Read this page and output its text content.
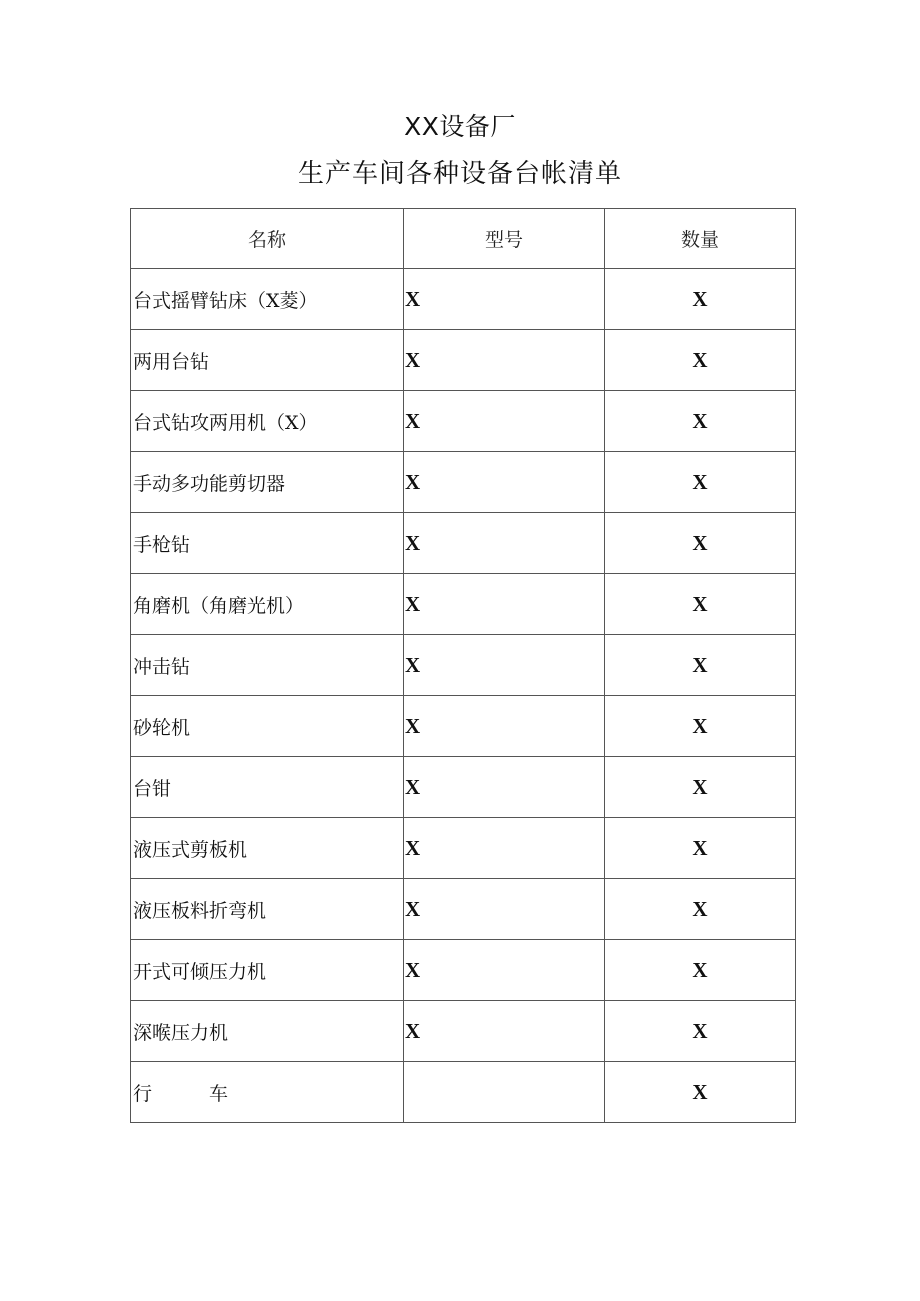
XX设备厂
生产车间各种设备台帐清单
名称	型号	数量
台式摇臂钻床（X菱）	X	X
两用台钻	X	X
台式钻攻两用机（X）	X	X
手动多功能剪切器	X	X
手枪钻	X	X
角磨机（角磨光机）	X	X
冲击钻	X	X
砂轮机	X	X
台钳	X	X
液压式剪板机	X	X
液压板料折弯机	X	X
开式可倾压力机	X	X
深喉压力机	X	X
行　　　车		X
